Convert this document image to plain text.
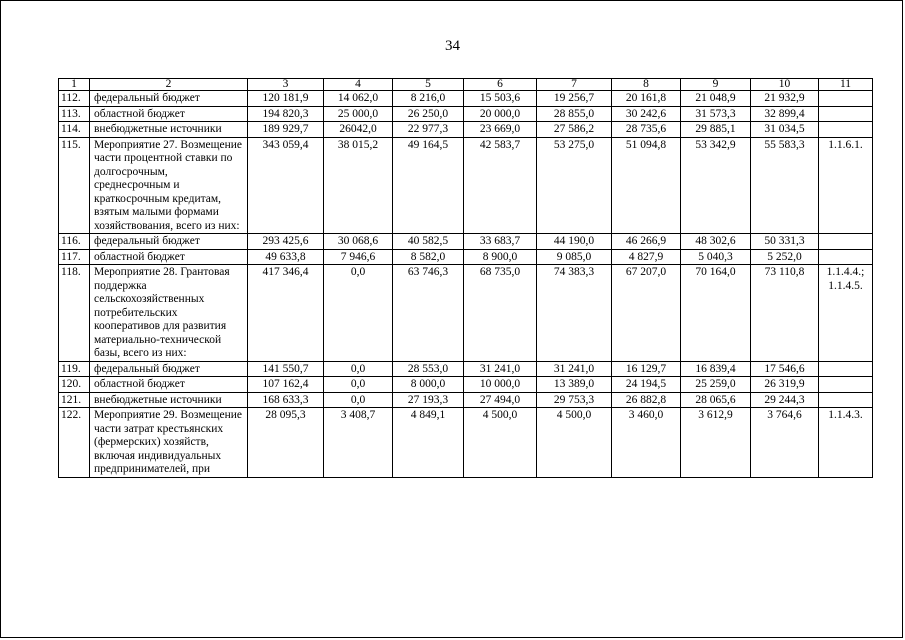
34
1	2	3	4	5	6	7	8	9	10	11
112.	федеральный бюджет	120 181,9	14 062,0	8 216,0	15 503,6	19 256,7	20 161,8	21 048,9	21 932,9	
113.	областной бюджет	194 820,3	25 000,0	26 250,0	20 000,0	28 855,0	30 242,6	31 573,3	32 899,4	
114.	внебюджетные источники	189 929,7	26042,0	22 977,3	23 669,0	27 586,2	28 735,6	29 885,1	31 034,5	
115.	Мероприятие 27. Возмещение части процентной ставки по долгосрочным, среднесрочным и краткосрочным кредитам, взятым малыми формами хозяйствования, всего из них:	343 059,4	38 015,2	49 164,5	42 583,7	53 275,0	51 094,8	53 342,9	55 583,3	1.1.6.1.
116.	федеральный бюджет	293 425,6	30 068,6	40 582,5	33 683,7	44 190,0	46 266,9	48 302,6	50 331,3	
117.	областной бюджет	49 633,8	7 946,6	8 582,0	8 900,0	9 085,0	4 827,9	5 040,3	5 252,0	
118.	Мероприятие 28. Грантовая поддержка сельскохозяйственных потребительских кооперативов для развития материально-технической базы, всего из них:	417 346,4	0,0	63 746,3	68 735,0	74 383,3	67 207,0	70 164,0	73 110,8	1.1.4.4.; 1.1.4.5.
119.	федеральный бюджет	141 550,7	0,0	28 553,0	31 241,0	31 241,0	16 129,7	16 839,4	17 546,6	
120.	областной бюджет	107 162,4	0,0	8 000,0	10 000,0	13 389,0	24 194,5	25 259,0	26 319,9	
121.	внебюджетные источники	168 633,3	0,0	27 193,3	27 494,0	29 753,3	26 882,8	28 065,6	29 244,3	
122.	Мероприятие 29. Возмещение части затрат крестьянских (фермерских) хозяйств, включая индивидуальных предпринимателей, при	28 095,3	3 408,7	4 849,1	4 500,0	4 500,0	3 460,0	3 612,9	3 764,6	1.1.4.3.
